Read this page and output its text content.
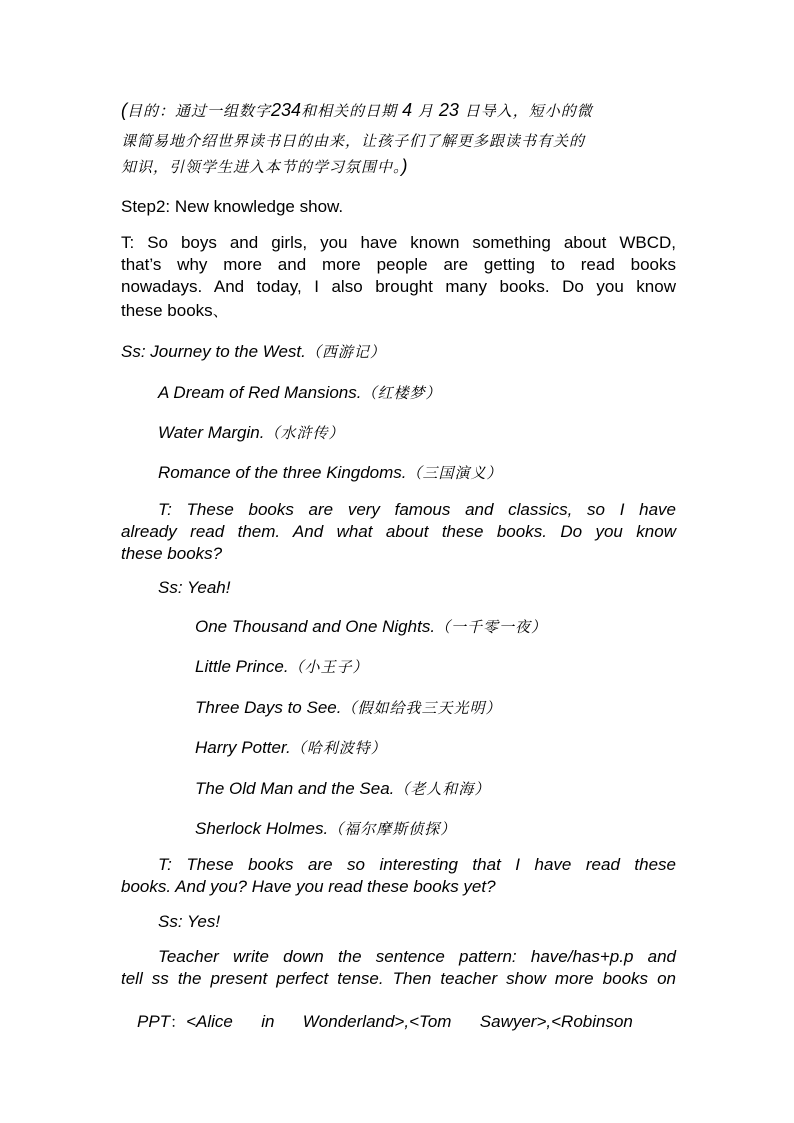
(目的：通过一组数字234和相关的日期 4 月 23 日导入，短小的微
课简易地介绍世界读书日的由来，让孩子们了解更多跟读书有关的
知识，引领学生进入本节的学习氛围中。)
Step2: New knowledge show.
T: So boys and girls, you have known something about WBCD,
that’s why more and more people are getting to read books
nowadays. And today, I also brought many books. Do you know
these books、
Ss: Journey to the West.（西游记）
A Dream of Red Mansions.（红楼梦）
Water Margin.（水浒传）
Romance of the three Kingdoms.（三国演义）
T: These books are very famous and classics, so I have
already read them. And what about these books. Do you know
these books?
Ss: Yeah!
One Thousand and One Nights.（一千零一夜）
Little Prince.（小王子）
Three Days to See.（假如给我三天光明）
Harry Potter.（哈利波特）
The Old Man and the Sea.（老人和海）
Sherlock Holmes.（福尔摩斯侦探）
T: These books are so interesting that I have read these
books. And you? Have you read these books yet?
Ss: Yes!
Teacher write down the sentence pattern: have/has+p.p and
tell ss the present perfect tense. Then teacher show more books on

PPT：<Alice      in      Wonderland>,<Tom      Sawyer>,<Robinson
